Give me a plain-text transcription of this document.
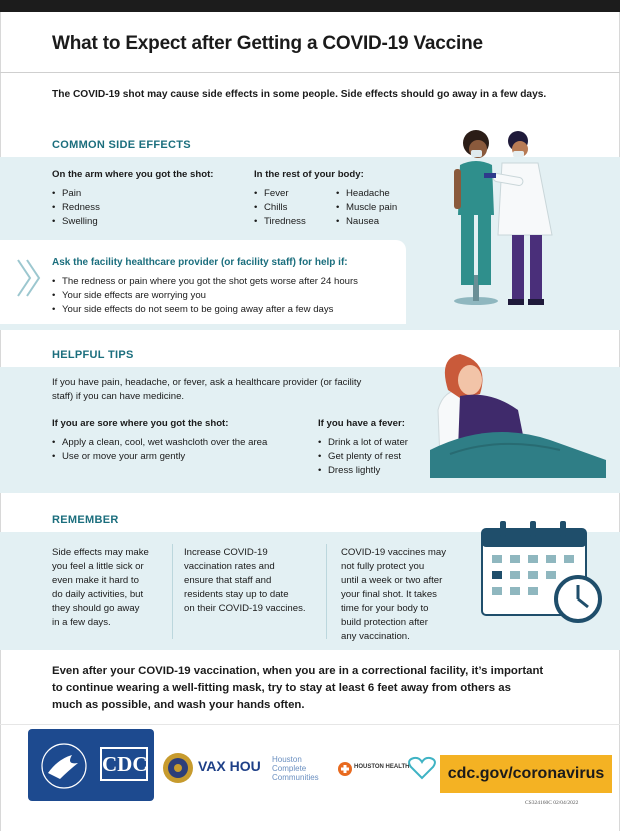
What to Expect after Getting a COVID-19 Vaccine

The COVID-19 shot may cause side effects in some people. Side effects should go away in a few days.

COMMON SIDE EFFECTS
On the arm where you got the shot:
• Pain
• Redness
• Swelling
In the rest of your body:
• Fever
• Chills
• Tiredness
• Headache
• Muscle pain
• Nausea
Ask the facility healthcare provider (or facility staff) for help if:
• The redness or pain where you got the shot gets worse after 24 hours
• Your side effects are worrying you
• Your side effects do not seem to be going away after a few days
HELPFUL TIPS
If you have pain, headache, or fever, ask a healthcare provider (or facility
staff) if you can have medicine.
If you are sore where you got the shot:
• Apply a clean, cool, wet washcloth over the area
• Use or move your arm gently
If you have a fever:
• Drink a lot of water
• Get plenty of rest
• Dress lightly
REMEMBER
Side effects may make
you feel a little sick or
even make it hard to
do daily activities, but
they should go away
in a few days.
Increase COVID-19
vaccination rates and
ensure that staff and
residents stay up to date
on their COVID-19 vaccines.
COVID-19 vaccines may
not fully protect you
until a week or two after
your final shot. It takes
time for your body to
build protection after
any vaccination.
Even after your COVID-19 vaccination, when you are in a correctional facility, it’s important
to continue wearing a well-fitting mask, try to stay at least 6 feet away from others as
much as possible, and wash your hands often.
CDC	VAX HOU Houston
Complete
Communities
HOUSTON HEALTH	cdc.gov/coronavirus
CS324160C 02/04/2022
